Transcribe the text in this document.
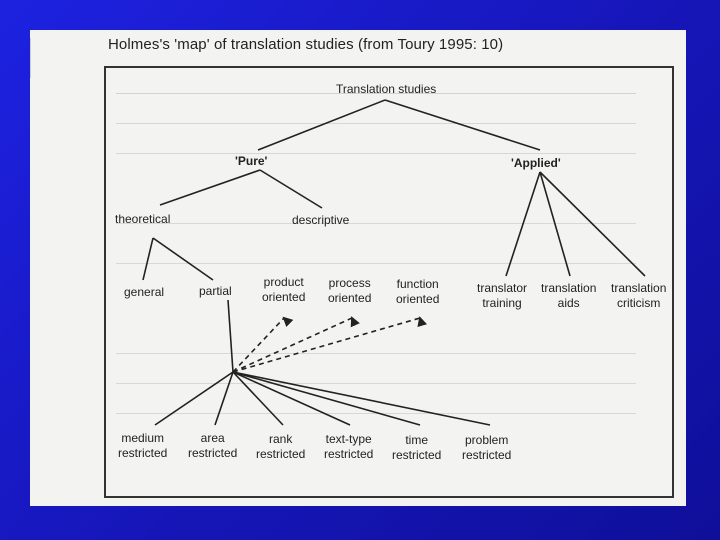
Holmes's 'map' of translation studies (from Toury 1995: 10)
Translation studies
'Pure'	'Applied'
theoretical	descriptive
general	partial
product
oriented
process
oriented
function
oriented
translator
training
translation
aids
translation
criticism
medium
restricted
area
restricted
rank
restricted
text-type
restricted
time
restricted
problem
restricted
